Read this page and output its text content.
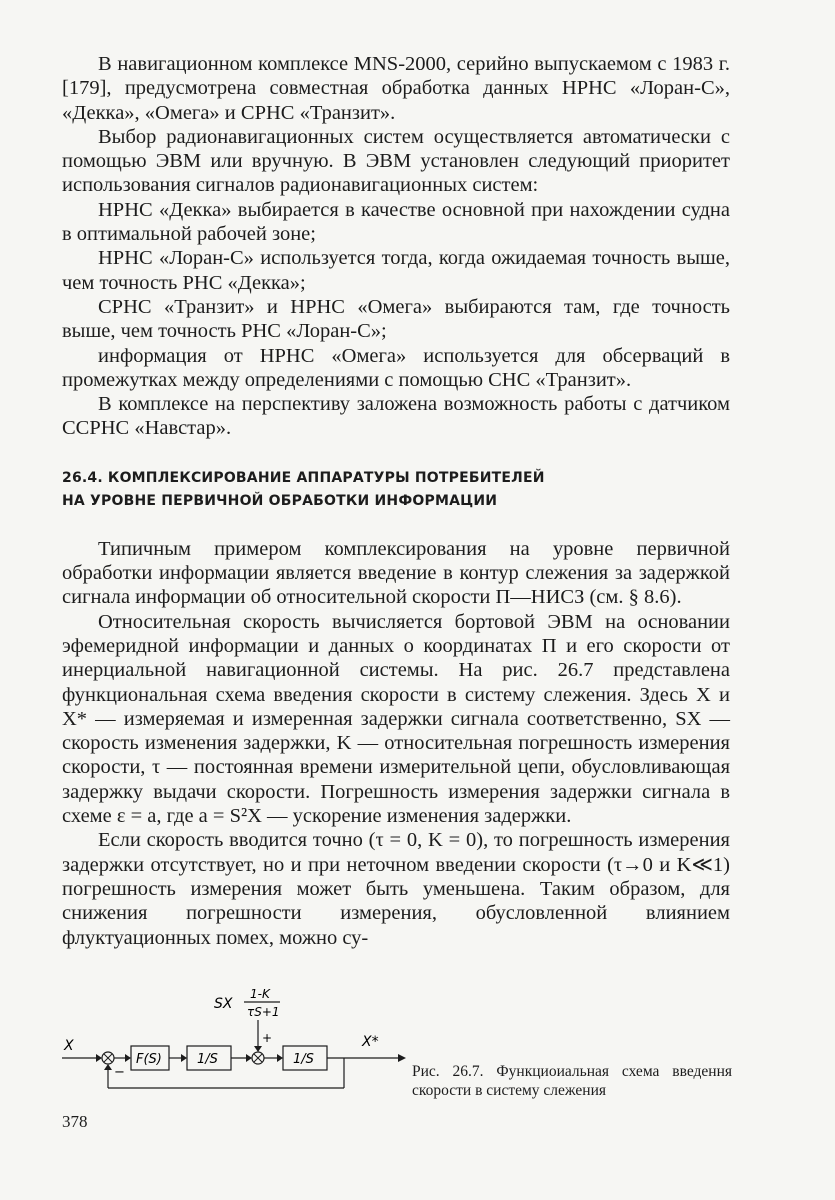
В навигационном комплексе MNS-2000, серийно выпускаемом с 1983 г. [179], предусмотрена совместная обработка данных НРНС «Лоран-С», «Декка», «Омега» и СРНС «Транзит».

Выбор радионавигационных систем осуществляется автоматически с помощью ЭВМ или вручную. В ЭВМ установлен следующий приоритет использования сигналов радионавигационных систем:

НРНС «Декка» выбирается в качестве основной при нахождении судна в оптимальной рабочей зоне;

НРНС «Лоран-С» используется тогда, когда ожидаемая точность выше, чем точность РНС «Декка»;

СРНС «Транзит» и НРНС «Омега» выбираются там, где точность выше, чем точность РНС «Лоран-С»;

информация от НРНС «Омега» используется для обсерваций в промежутках между определениями с помощью СНС «Транзит».

В комплексе на перспективу заложена возможность работы с датчиком ССРНС «Навстар».

26.4. КОМПЛЕКСИРОВАНИЕ АППАРАТУРЫ ПОТРЕБИТЕЛЕЙ
НА УРОВНЕ ПЕРВИЧНОЙ ОБРАБОТКИ ИНФОРМАЦИИ

Типичным примером комплексирования на уровне первичной обработки информации является введение в контур слежения за задержкой сигнала информации об относительной скорости П—НИСЗ (см. § 8.6).

Относительная скорость вычисляется бортовой ЭВМ на основании эфемеридной информации и данных о координатах П и его скорости от инерциальной навигационной системы. На рис. 26.7 представлена функциональная схема введения скорости в систему слежения. Здесь X и X* — измеряемая и измеренная задержки сигнала соответственно, SX — скорость изменения задержки, K — относительная погрешность измерения скорости, τ — постоянная времени измерительной цепи, обусловливающая задержку выдачи скорости. Погрешность измерения задержки сигнала в схеме ε = a, где a = S²X — ускорение изменения задержки.

Если скорость вводится точно (τ = 0, K = 0), то погрешность измерения задержки отсутствует, но и при неточном введении скорости (τ→0 и K≪1) погрешность измерения может быть уменьшена. Таким образом, для снижения погрешности измерения, обусловленной влиянием флуктуационных помех, можно су-

SX
1-K
τS+1
+
X
−
F(S)	1/S	1/S
X*
Рис. 26.7. Функциоиальная схема введення скорости в систему слежения
378
